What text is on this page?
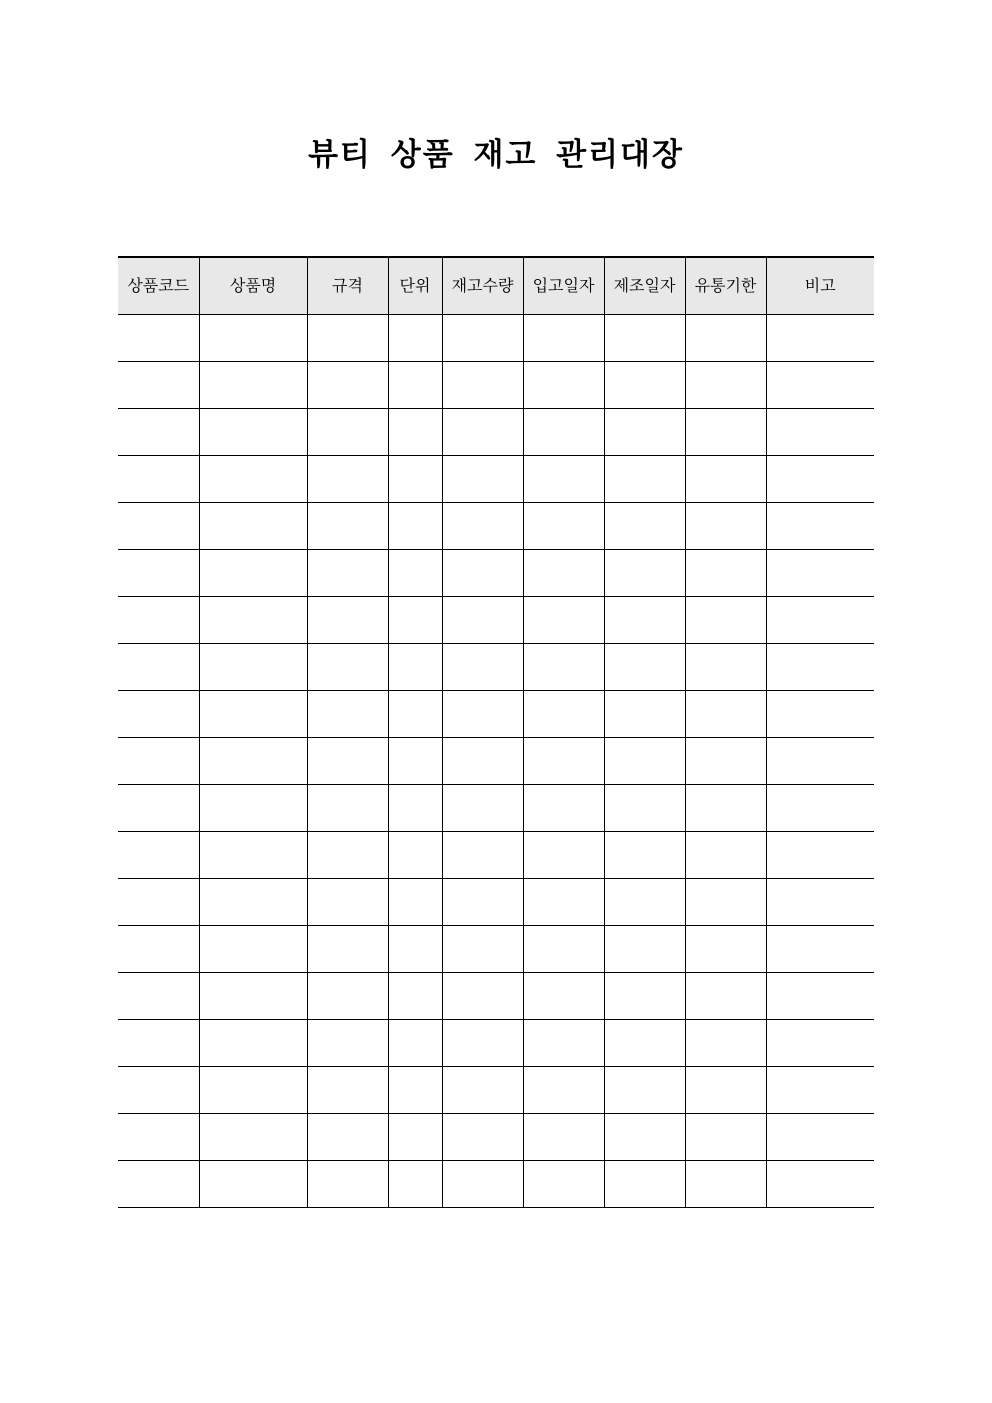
뷰티 상품 재고 관리대장
상품코드	상품명	규격	단위	재고수량	입고일자	제조일자	유통기한	비고
